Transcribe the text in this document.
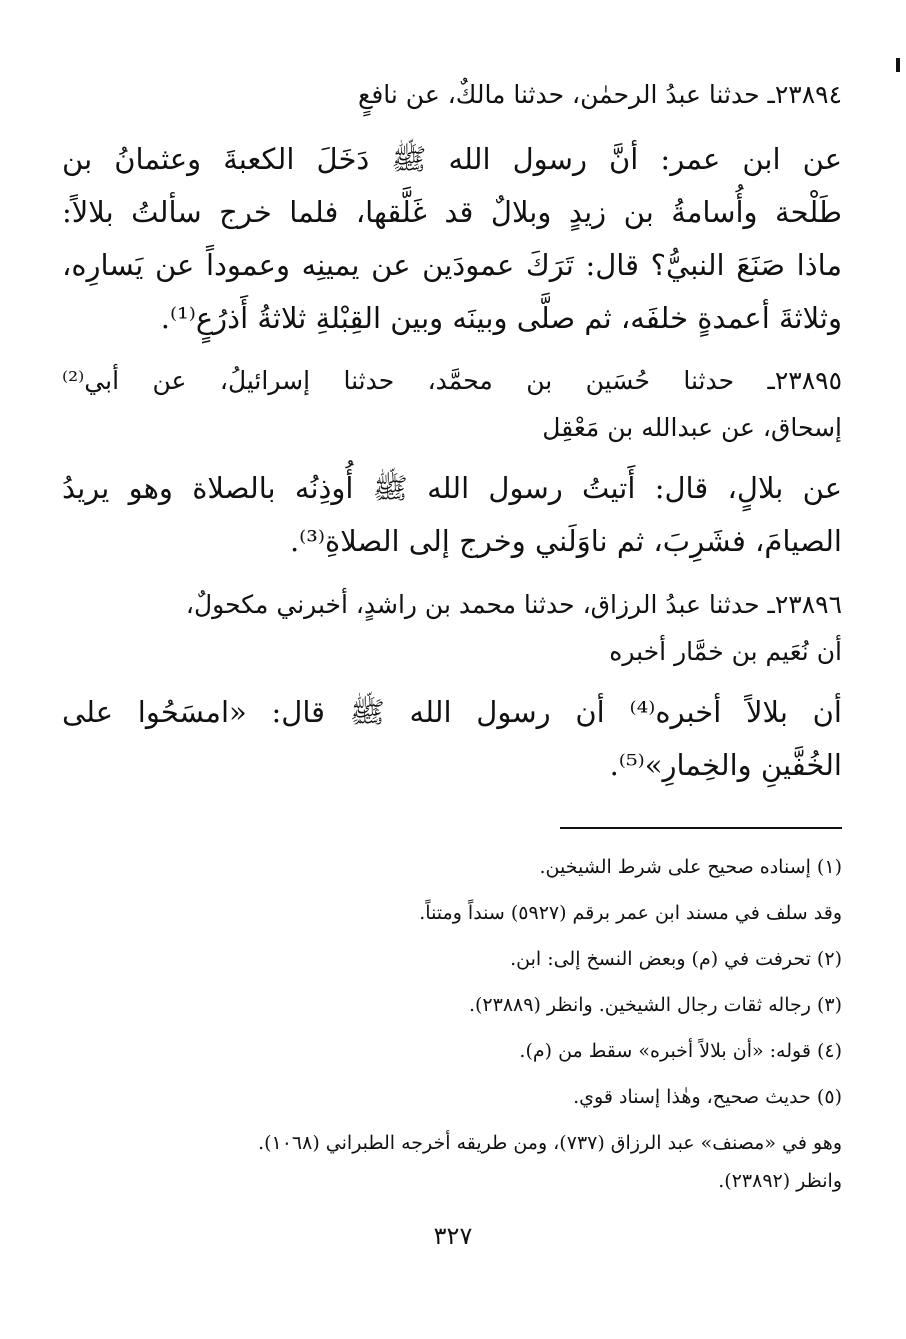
٢٣٨٩٤ـ حدثنا عبدُ الرحمٰن، حدثنا مالكٌ، عن نافعٍ
عن ابن عمر: أنَّ رسول الله ﷺ دَخَلَ الكعبةَ وعثمانُ بن
طَلْحة وأُسامةُ بن زيدٍ وبلالٌ قد غَلَّقها، فلما خرج سألتُ بلالاً:
ماذا صَنَعَ النبيُّ؟ قال: تَرَكَ عمودَين عن يمينِه وعموداً عن يَسارِه،
وثلاثةَ أعمدةٍ خلفَه، ثم صلَّى وبينَه وبين القِبْلةِ ثلاثةُ أَذرُعٍ⁽¹⁾.
٢٣٨٩٥ـ حدثنا حُسَين بن محمَّد، حدثنا إسرائيلُ، عن أبي⁽²⁾
إسحاق، عن عبدالله بن مَعْقِل
عن بلالٍ، قال: أَتيتُ رسول الله ﷺ أُوذِنُه بالصلاة وهو يريدُ
الصيامَ، فشَرِبَ، ثم ناوَلَني وخرج إلى الصلاةِ⁽³⁾.
٢٣٨٩٦ـ حدثنا عبدُ الرزاق، حدثنا محمد بن راشدٍ، أخبرني مكحولٌ،
أن نُعَيم بن خمَّار أخبره
أن بلالاً أخبره⁽⁴⁾ أن رسول الله ﷺ قال: «امسَحُوا على
الخُفَّينِ والخِمارِ»⁽⁵⁾.
(١) إسناده صحيح على شرط الشيخين.
وقد سلف في مسند ابن عمر برقم (٥٩٢٧) سنداً ومتناً.
(٢) تحرفت في (م) وبعض النسخ إلى: ابن.
(٣) رجاله ثقات رجال الشيخين. وانظر (٢٣٨٨٩).
(٤) قوله: «أن بلالاً أخبره» سقط من (م).
(٥) حديث صحيح، وهٰذا إسناد قوي.
وهو في «مصنف» عبد الرزاق (٧٣٧)، ومن طريقه أخرجه الطبراني (١٠٦٨).
وانظر (٢٣٨٩٢).
٣٢٧
